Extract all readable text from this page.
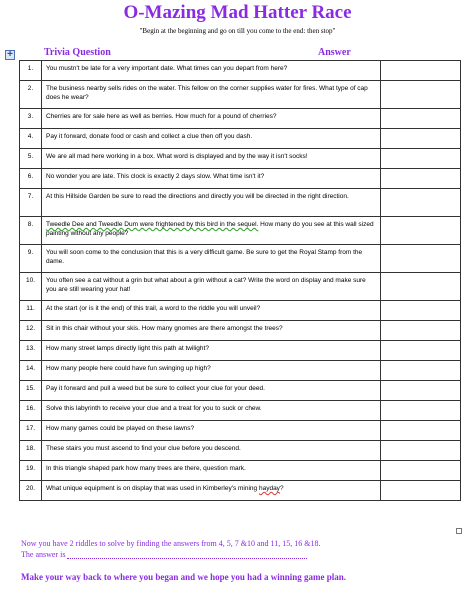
O-Mazing Mad Hatter Race
"Begin at the beginning and go on till you come to the end: then stop"
+	Trivia Question	Answer
1.	You mustn't be late for a very important date. What times can you depart from here?	
2.	The business nearby sells rides on the water. This fellow on the corner supplies water for fires. What type of cap does he wear?	
3.	Cherries are for sale here as well as berries. How much for a pound of cherries?	
4.	Pay it forward, donate food or cash and collect a clue then off you dash.	
5.	We are all mad here working in a box. What word is displayed and by the way it isn't socks!	
6.	No wonder you are late. This clock is exactly 2 days slow. What time isn't it?	
7.	At this Hillside Garden be sure to read the directions and directly you will be directed in the right direction.	
8.	Tweedle Dee and Tweedle Dum were frightened by this bird in the sequel. How many do you see at this wall sized painting without any people?	
9.	You will soon come to the conclusion that this is a very difficult game. Be sure to get the Royal Stamp from the dame.	
10.	You often see a cat without a grin but what about a grin without a cat? Write the word on display and make sure you are still wearing your hat!	
11.	At the start (or is it the end) of this trail, a word to the riddle you will unveil?	
12.	Sit in this chair without your skis. How many gnomes are there amongst the trees?	
13.	How many street lamps directly light this path at twilight?	
14.	How many people here could have fun swinging up high?	
15.	Pay it forward and pull a weed but be sure to collect your clue for your deed.	
16.	Solve this labyrinth to receive your clue and a treat for you to suck or chew.	
17.	How many games could be played on these lawns?	
18.	These stairs you must ascend to find your clue before you descend.	
19.	In this triangle shaped park how many trees are there, question mark.	
20.	What unique equipment is on display that was used in Kimberley's mining hayday?	
Now you have 2 riddles to solve by finding the answers from 4, 5, 7 &10 and 11, 15, 16 &18.
The answer is
Make your way back to where you began and we hope you had a winning game plan.
